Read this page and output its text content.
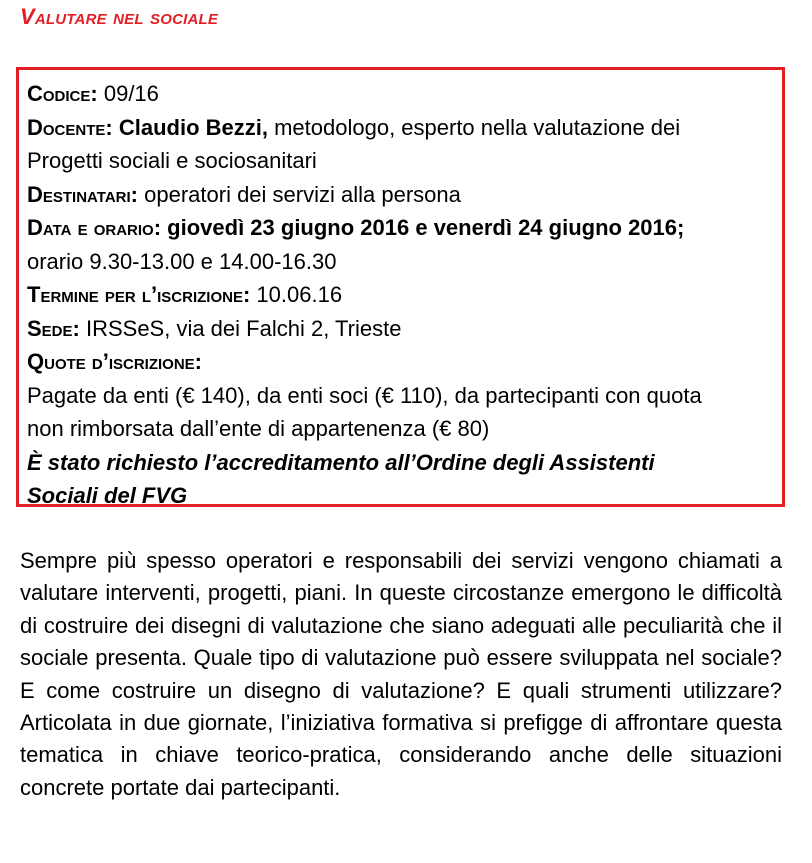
Valutare nel sociale
Codice: 09/16
Docente: Claudio Bezzi, metodologo, esperto nella valutazione dei
Progetti sociali e sociosanitari
Destinatari: operatori dei servizi alla persona
Data e orario: giovedì 23 giugno 2016 e venerdì 24 giugno 2016;
orario 9.30-13.00 e 14.00-16.30
Termine per l’iscrizione: 10.06.16
Sede: IRSSeS, via dei Falchi 2, Trieste
Quote d’iscrizione:
Pagate da enti (€ 140), da enti soci (€ 110), da partecipanti con quota
non rimborsata dall’ente di appartenenza (€ 80)
È stato richiesto l’accreditamento all’Ordine degli Assistenti
Sociali del FVG

Sempre più spesso operatori e responsabili dei servizi vengono chiamati a valutare interventi, progetti, piani. In queste circostanze emergono le difficoltà di costruire dei disegni di valutazione che siano adeguati alle peculiarità che il sociale presenta. Quale tipo di valutazione può essere sviluppata nel sociale? E come costruire un disegno di valutazione? E quali strumenti utilizzare? Articolata in due giornate, l’iniziativa formativa si prefigge di affrontare questa tematica in chiave teorico-pratica, considerando anche delle situazioni concrete portate dai partecipanti.
